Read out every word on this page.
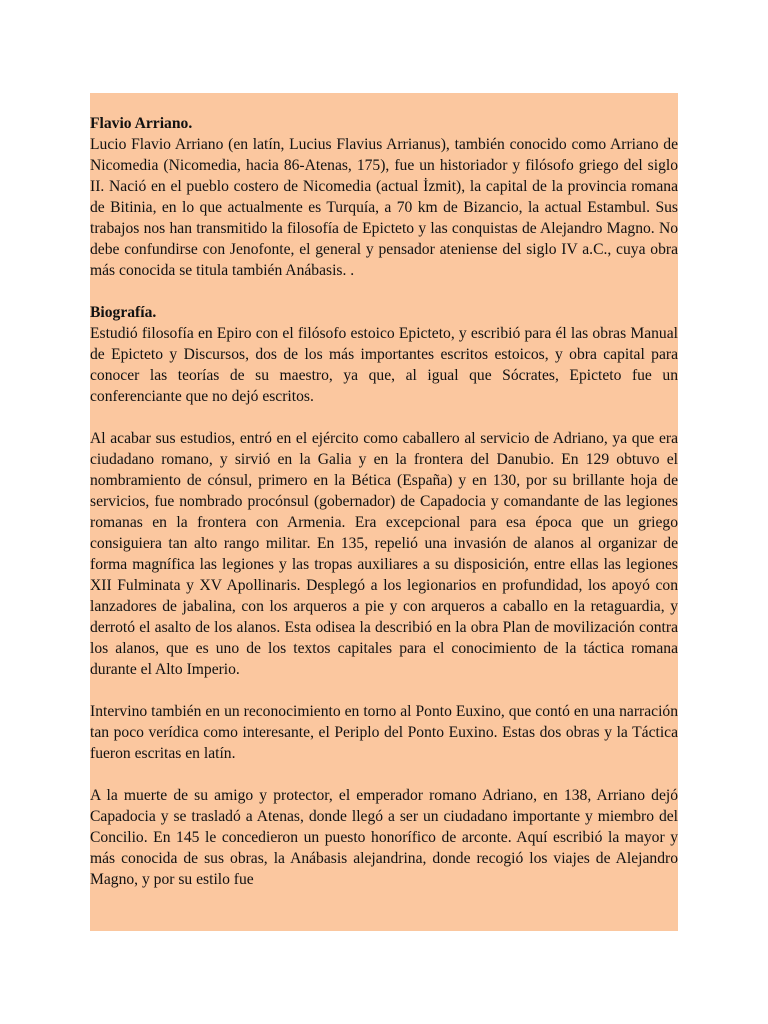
Flavio Arriano.

Lucio Flavio Arriano (en latín, Lucius Flavius Arrianus), también conocido como Arriano de Nicomedia (Nicomedia, hacia 86-Atenas, 175), fue un historiador y filósofo griego del siglo II. Nació en el pueblo costero de Nicomedia (actual İzmit), la capital de la provincia romana de Bitinia, en lo que actualmente es Turquía, a 70 km de Bizancio, la actual Estambul. Sus trabajos nos han transmitido la filosofía de Epicteto y las conquistas de Alejandro Magno. No debe confundirse con Jenofonte, el general y pensador ateniense del siglo IV a.C., cuya obra más conocida se titula también Anábasis. .

Biografía.

Estudió filosofía en Epiro con el filósofo estoico Epicteto, y escribió para él las obras Manual de Epicteto y Discursos, dos de los más importantes escritos estoicos, y obra capital para conocer las teorías de su maestro, ya que, al igual que Sócrates, Epicteto fue un conferenciante que no dejó escritos.

Al acabar sus estudios, entró en el ejército como caballero al servicio de Adriano, ya que era ciudadano romano, y sirvió en la Galia y en la frontera del Danubio. En 129 obtuvo el nombramiento de cónsul, primero en la Bética (España) y en 130, por su brillante hoja de servicios, fue nombrado procónsul (gobernador) de Capadocia y comandante de las legiones romanas en la frontera con Armenia. Era excepcional para esa época que un griego consiguiera tan alto rango militar. En 135, repelió una invasión de alanos al organizar de forma magnífica las legiones y las tropas auxiliares a su disposición, entre ellas las legiones XII Fulminata y XV Apollinaris. Desplegó a los legionarios en profundidad, los apoyó con lanzadores de jabalina, con los arqueros a pie y con arqueros a caballo en la retaguardia, y derrotó el asalto de los alanos. Esta odisea la describió en la obra Plan de movilización contra los alanos, que es uno de los textos capitales para el conocimiento de la táctica romana durante el Alto Imperio.

Intervino también en un reconocimiento en torno al Ponto Euxino, que contó en una narración tan poco verídica como interesante, el Periplo del Ponto Euxino. Estas dos obras y la Táctica fueron escritas en latín.

A la muerte de su amigo y protector, el emperador romano Adriano, en 138, Arriano dejó Capadocia y se trasladó a Atenas, donde llegó a ser un ciudadano importante y miembro del Concilio. En 145 le concedieron un puesto honorífico de arconte. Aquí escribió la mayor y más conocida de sus obras, la Anábasis alejandrina, donde recogió los viajes de Alejandro Magno, y por su estilo fue
